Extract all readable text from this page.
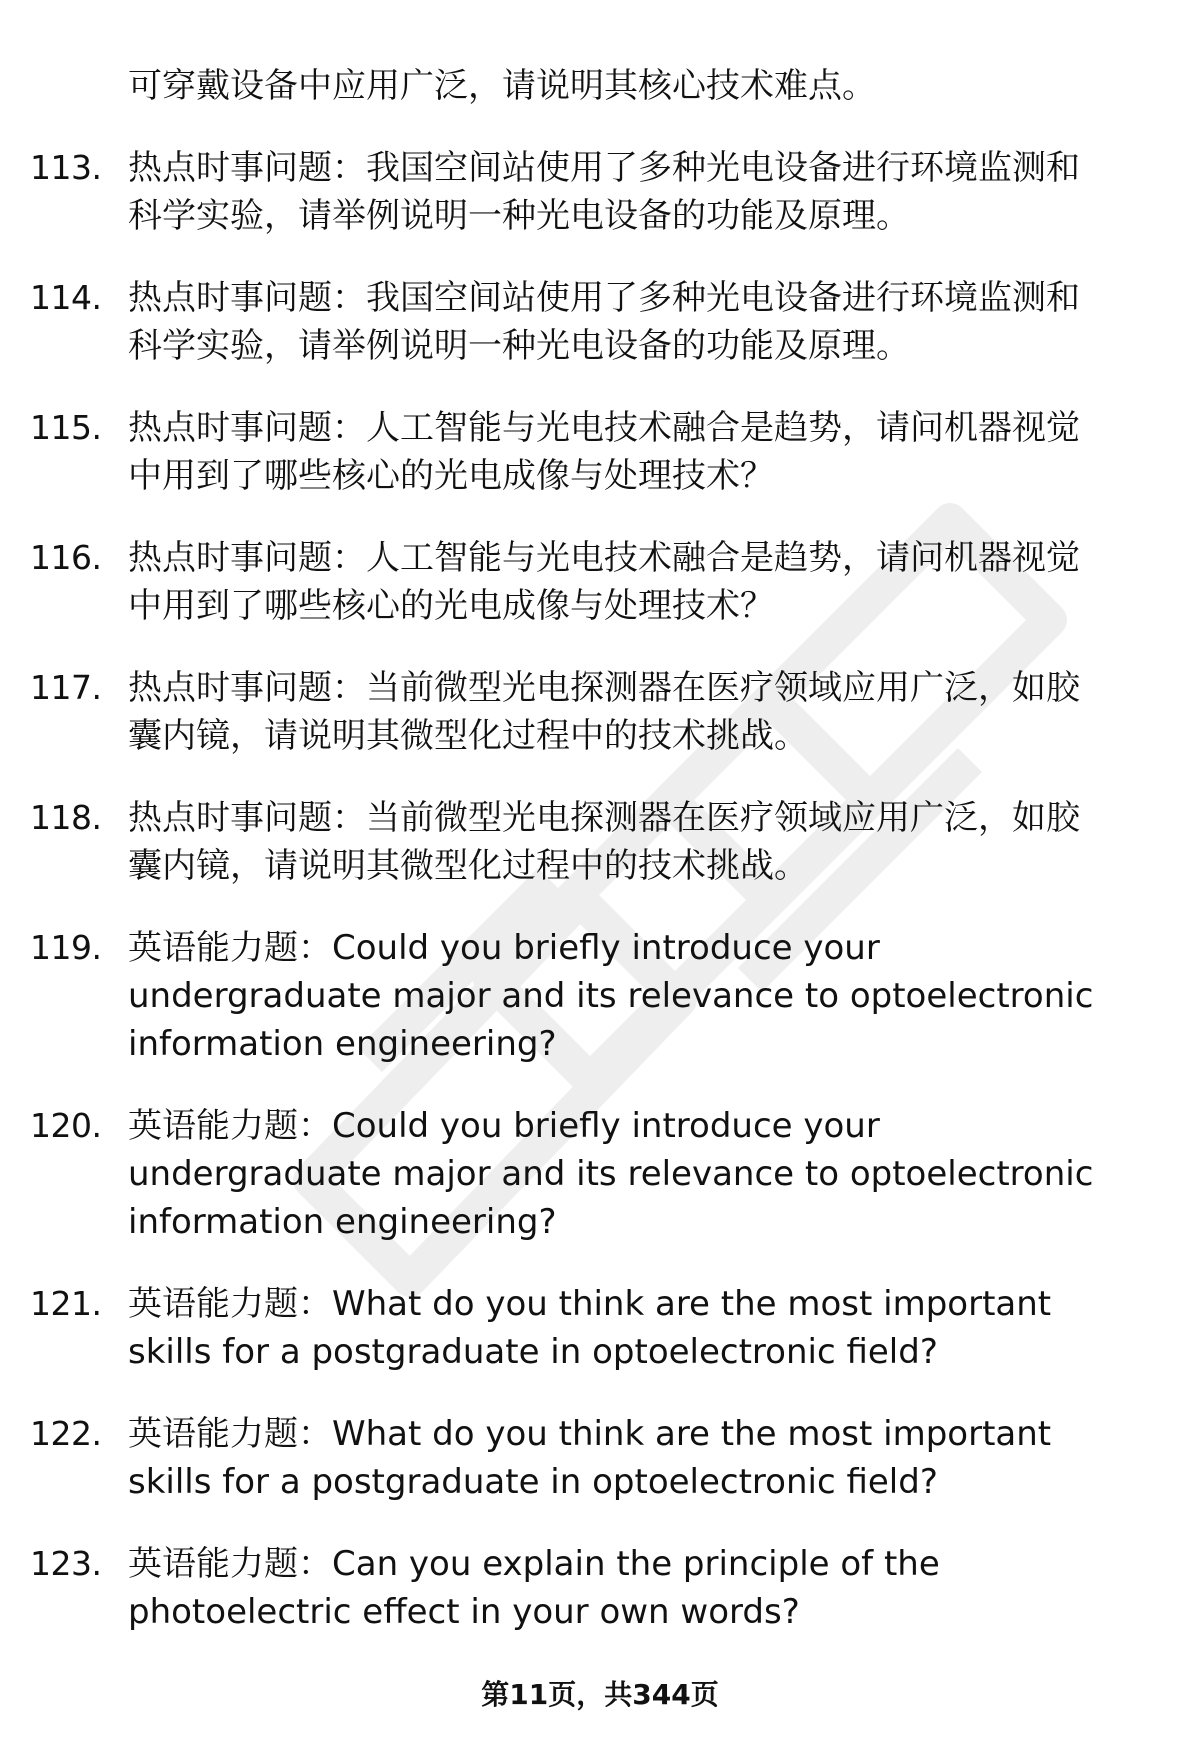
可穿戴设备中应用广泛，请说明其核心技术难点。
113. 热点时事问题：我国空间站使用了多种光电设备进行环境监测和
科学实验，请举例说明一种光电设备的功能及原理。
114. 热点时事问题：我国空间站使用了多种光电设备进行环境监测和
科学实验，请举例说明一种光电设备的功能及原理。
115. 热点时事问题：人工智能与光电技术融合是趋势，请问机器视觉
中用到了哪些核心的光电成像与处理技术？
116. 热点时事问题：人工智能与光电技术融合是趋势，请问机器视觉
中用到了哪些核心的光电成像与处理技术？
117. 热点时事问题：当前微型光电探测器在医疗领域应用广泛，如胶
囊内镜，请说明其微型化过程中的技术挑战。
118. 热点时事问题：当前微型光电探测器在医疗领域应用广泛，如胶
囊内镜，请说明其微型化过程中的技术挑战。
119. 英语能力题：Could you briefly introduce your
undergraduate major and its relevance to optoelectronic
information engineering?
120. 英语能力题：Could you briefly introduce your
undergraduate major and its relevance to optoelectronic
information engineering?
121. 英语能力题：What do you think are the most important
skills for a postgraduate in optoelectronic field?
122. 英语能力题：What do you think are the most important
skills for a postgraduate in optoelectronic field?
123. 英语能力题：Can you explain the principle of the
photoelectric effect in your own words?
第11页，共344页
